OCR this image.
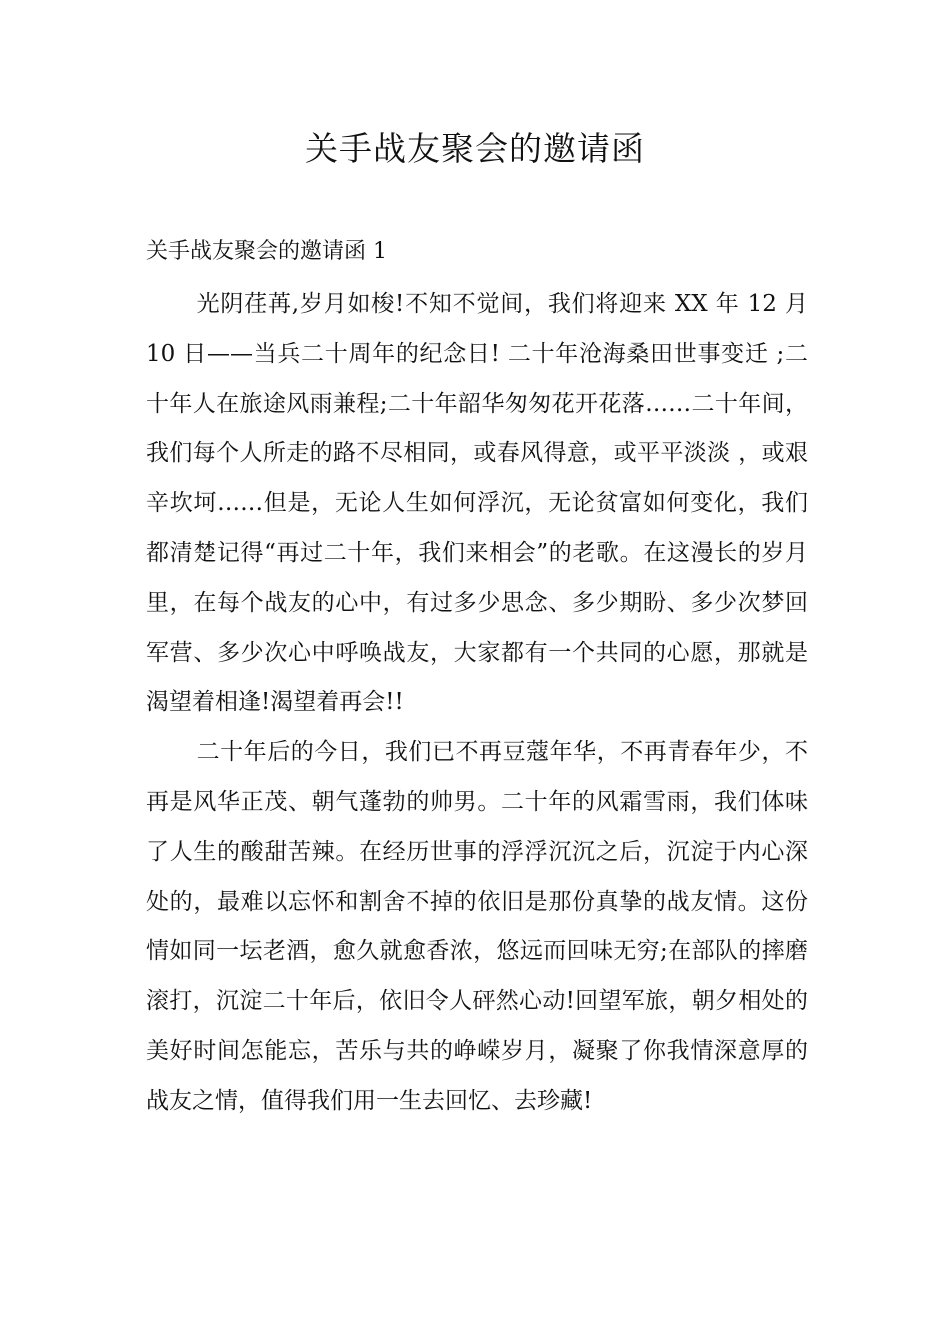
关手战友聚会的邀请函

关手战友聚会的邀请函 1

光阴荏苒,岁月如梭!不知不觉间，我们将迎来 XX 年 12 月 10 日——当兵二十周年的纪念日! 二十年沧海桑田世事变迁 ;二十年人在旅途风雨兼程;二十年韶华匆匆花开花落……二十年间，我们每个人所走的路不尽相同，或春风得意，或平平淡淡 ，或艰辛坎坷……但是，无论人生如何浮沉，无论贫富如何变化，我们都清楚记得“再过二十年，我们来相会”的老歌。在这漫长的岁月里，在每个战友的心中，有过多少思念、多少期盼、多少次梦回军营、多少次心中呼唤战友，大家都有一个共同的心愿，那就是渴望着相逢!渴望着再会!!

二十年后的今日，我们已不再豆蔻年华，不再青春年少，不再是风华正茂、朝气蓬勃的帅男。二十年的风霜雪雨，我们体味了人生的酸甜苦辣。在经历世事的浮浮沉沉之后，沉淀于内心深处的，最难以忘怀和割舍不掉的依旧是那份真挚的战友情。这份情如同一坛老酒，愈久就愈香浓，悠远而回味无穷;在部队的摔磨滚打，沉淀二十年后，依旧令人砰然心动!回望军旅，朝夕相处的美好时间怎能忘，苦乐与共的峥嵘岁月，凝聚了你我情深意厚的战友之情，值得我们用一生去回忆、去珍藏!
